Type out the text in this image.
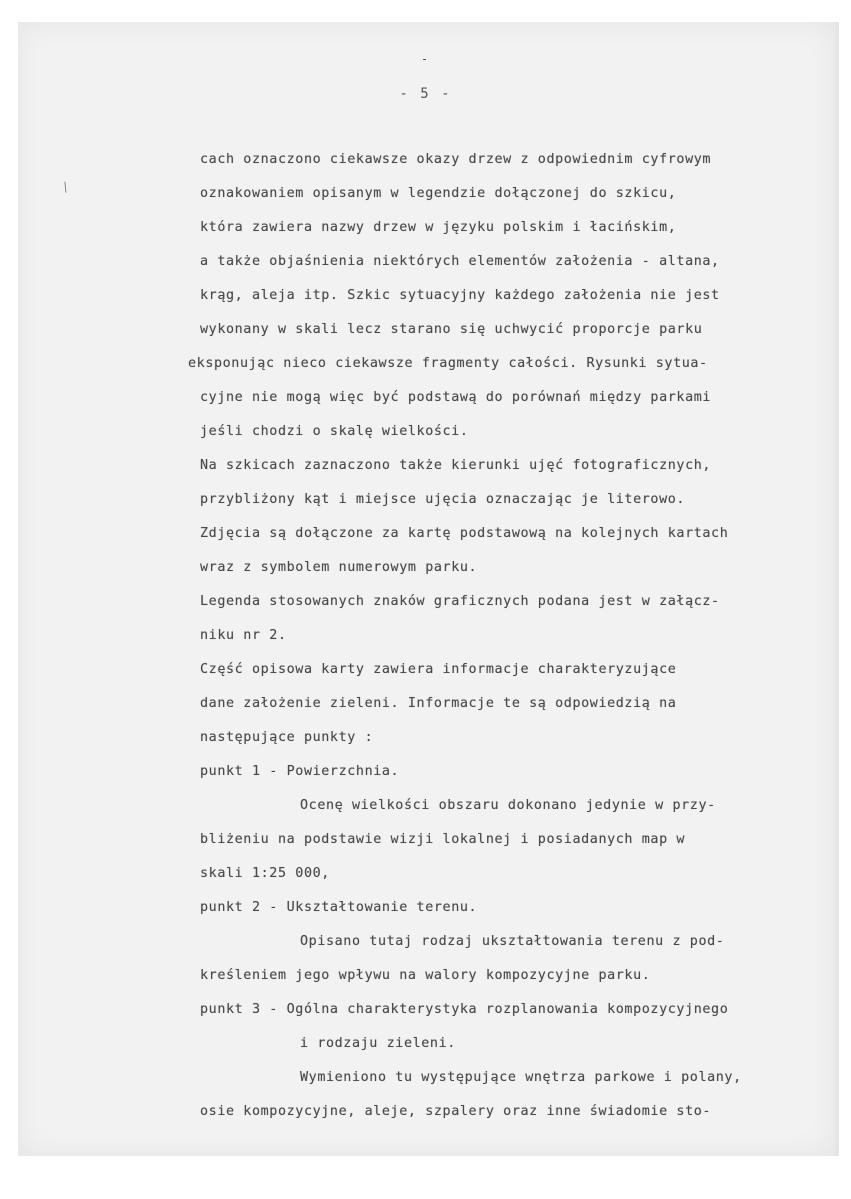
-
- 5 -
\
cach oznaczono ciekawsze okazy drzew z odpowiednim cyfrowym
oznakowaniem opisanym w legendzie dołączonej do szkicu,
która zawiera nazwy drzew w języku polskim i łacińskim,
a także objaśnienia niektórych elementów założenia - altana,
krąg, aleja itp. Szkic sytuacyjny każdego założenia nie jest
wykonany w skali lecz starano się uchwycić proporcje parku
eksponując nieco ciekawsze fragmenty całości. Rysunki sytua-
cyjne nie mogą więc być podstawą do porównań między parkami
jeśli chodzi o skalę wielkości.
Na szkicach zaznaczono także kierunki ujęć fotograficznych,
przybliżony kąt i miejsce ujęcia oznaczając je literowo.
Zdjęcia są dołączone za kartę podstawową na kolejnych kartach
wraz z symbolem numerowym parku.
Legenda stosowanych znaków graficznych podana jest w załącz-
niku nr 2.
Część opisowa karty zawiera informacje charakteryzujące
dane założenie zieleni. Informacje te są odpowiedzią na
następujące punkty :
punkt 1 - Powierzchnia.
Ocenę wielkości obszaru dokonano jedynie w przy-
bliżeniu na podstawie wizji lokalnej i posiadanych map w
skali 1:25 000,
punkt 2 - Ukształtowanie terenu.
Opisano tutaj rodzaj ukształtowania terenu z pod-
kreśleniem jego wpływu na walory kompozycyjne parku.
punkt 3 - Ogólna charakterystyka rozplanowania kompozycyjnego
i rodzaju zieleni.
Wymieniono tu występujące wnętrza parkowe i polany,
osie kompozycyjne, aleje, szpalery oraz inne świadomie sto-
